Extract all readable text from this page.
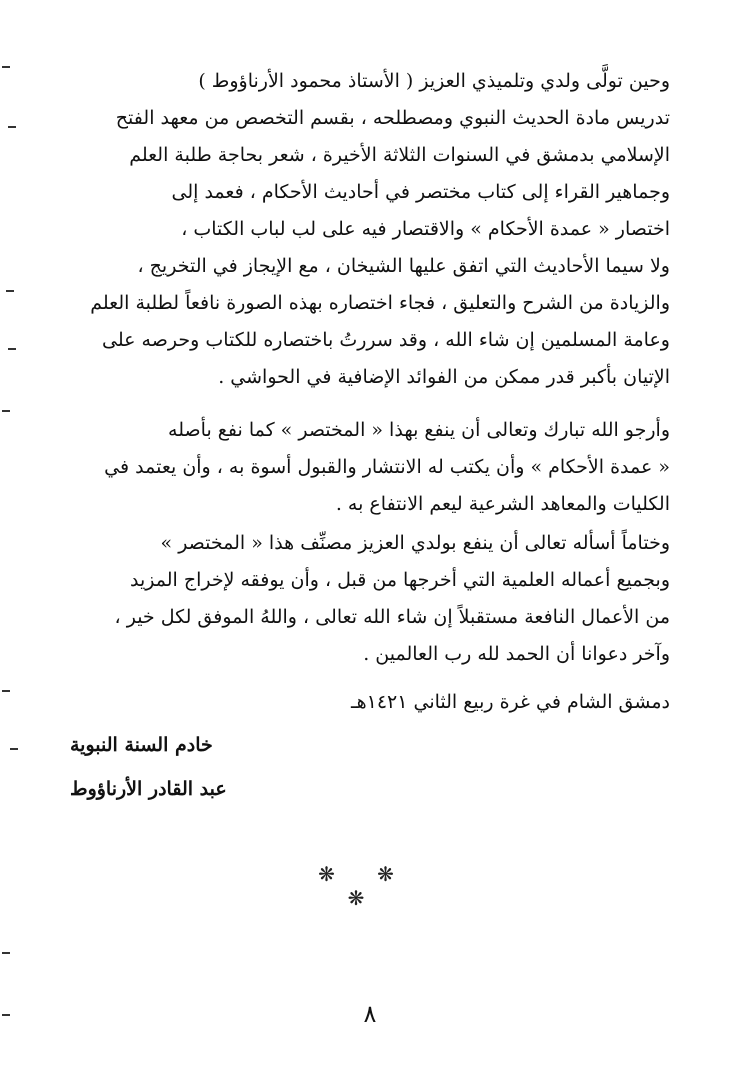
وحين تولَّى ولدي وتلميذي العزيز ( الأستاذ محمود الأرناؤوط )
تدريس مادة الحديث النبوي ومصطلحه ، بقسم التخصص من معهد الفتح
الإسلامي بدمشق في السنوات الثلاثة الأخيرة ، شعر بحاجة طلبة العلم
وجماهير القراء إلى كتاب مختصر في أحاديث الأحكام ، فعمد إلى
اختصار « عمدة الأحكام » والاقتصار فيه على لب لباب الكتاب ،
ولا سيما الأحاديث التي اتفق عليها الشيخان ، مع الإيجاز في التخريج ،
والزيادة من الشرح والتعليق ، فجاء اختصاره بهذه الصورة نافعاً لطلبة العلم
وعامة المسلمين إن شاء الله ، وقد سررتُ باختصاره للكتاب وحرصه على
الإتيان بأكبر قدر ممكن من الفوائد الإضافية في الحواشي .

وأرجو الله تبارك وتعالى أن ينفع بهذا « المختصر » كما نفع بأصله
« عمدة الأحكام » وأن يكتب له الانتشار والقبول أسوة به ، وأن يعتمد في
الكليات والمعاهد الشرعية ليعم الانتفاع به .

وختاماً أسأله تعالى أن ينفع بولدي العزيز مصنِّف هذا « المختصر »
وبجميع أعماله العلمية التي أخرجها من قبل ، وأن يوفقه لإخراج المزيد
من الأعمال النافعة مستقبلاً إن شاء الله تعالى ، واللهُ الموفق لكل خير ،
وآخر دعوانا أن الحمد لله رب العالمين .

دمشق الشام في غرة ربيع الثاني ١٤٢١هـ
خادم السنة النبوية
عبد القادر الأرناؤوط
❋ ❋ ❋
٨
